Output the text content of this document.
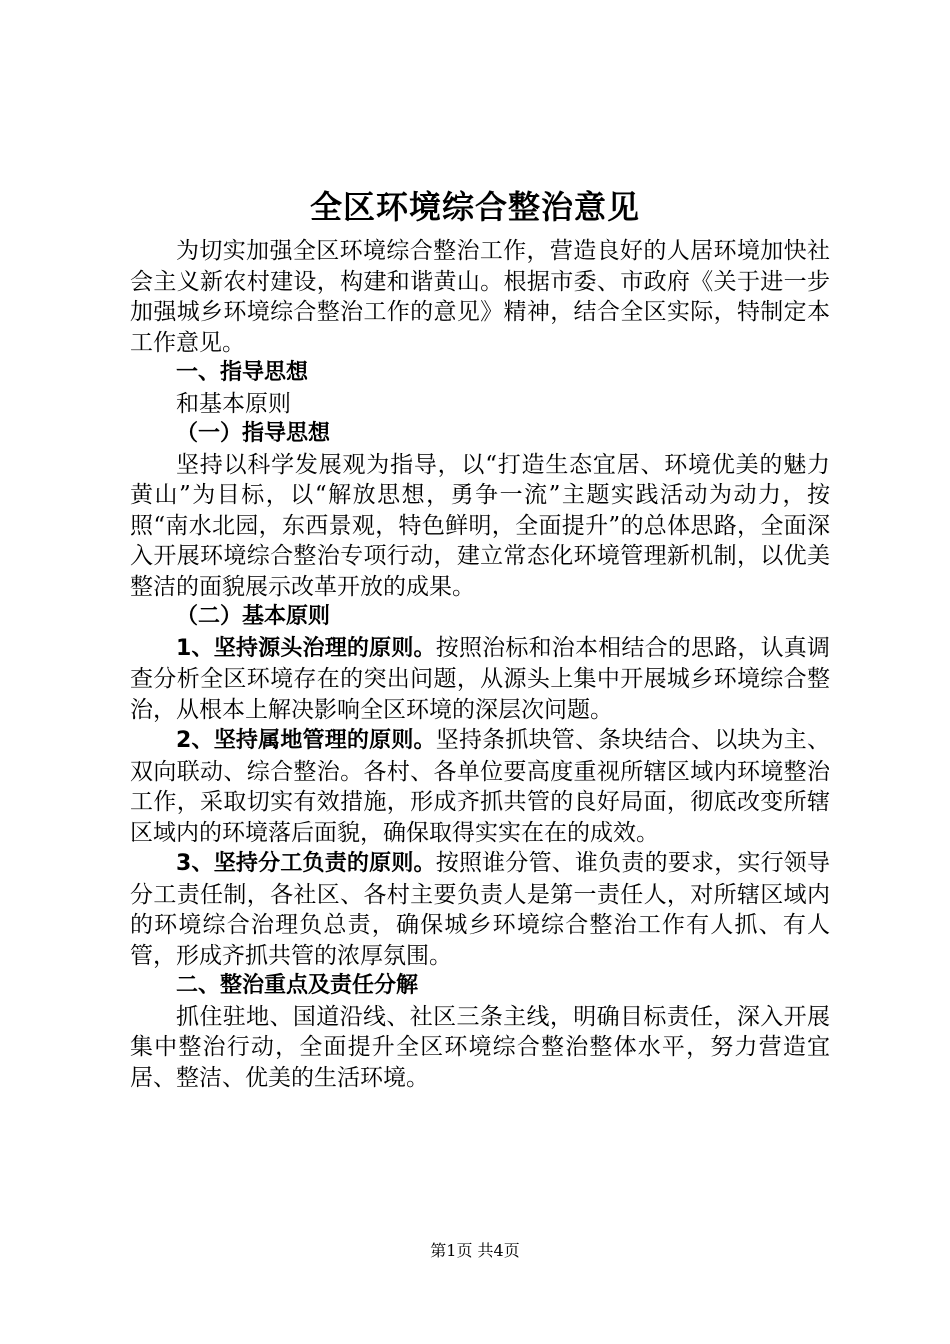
全区环境综合整治意见

为切实加强全区环境综合整治工作，营造良好的人居环境加快社会主义新农村建设，构建和谐黄山。根据市委、市政府《关于进一步加强城乡环境综合整治工作的意见》精神，结合全区实际，特制定本工作意见。

一、指导思想

和基本原则

（一）指导思想

坚持以科学发展观为指导，以“打造生态宜居、环境优美的魅力黄山”为目标，以“解放思想，勇争一流”主题实践活动为动力，按照“南水北园，东西景观，特色鲜明，全面提升”的总体思路，全面深入开展环境综合整治专项行动，建立常态化环境管理新机制，以优美整洁的面貌展示改革开放的成果。

（二）基本原则

1、坚持源头治理的原则。按照治标和治本相结合的思路，认真调查分析全区环境存在的突出问题，从源头上集中开展城乡环境综合整治，从根本上解决影响全区环境的深层次问题。

2、坚持属地管理的原则。坚持条抓块管、条块结合、以块为主、双向联动、综合整治。各村、各单位要高度重视所辖区域内环境整治工作，采取切实有效措施，形成齐抓共管的良好局面，彻底改变所辖区域内的环境落后面貌，确保取得实实在在的成效。

3、坚持分工负责的原则。按照谁分管、谁负责的要求，实行领导分工责任制，各社区、各村主要负责人是第一责任人，对所辖区域内的环境综合治理负总责，确保城乡环境综合整治工作有人抓、有人管，形成齐抓共管的浓厚氛围。

二、整治重点及责任分解

抓住驻地、国道沿线、社区三条主线，明确目标责任，深入开展集中整治行动，全面提升全区环境综合整治整体水平，努力营造宜居、整洁、优美的生活环境。

第1页 共4页
